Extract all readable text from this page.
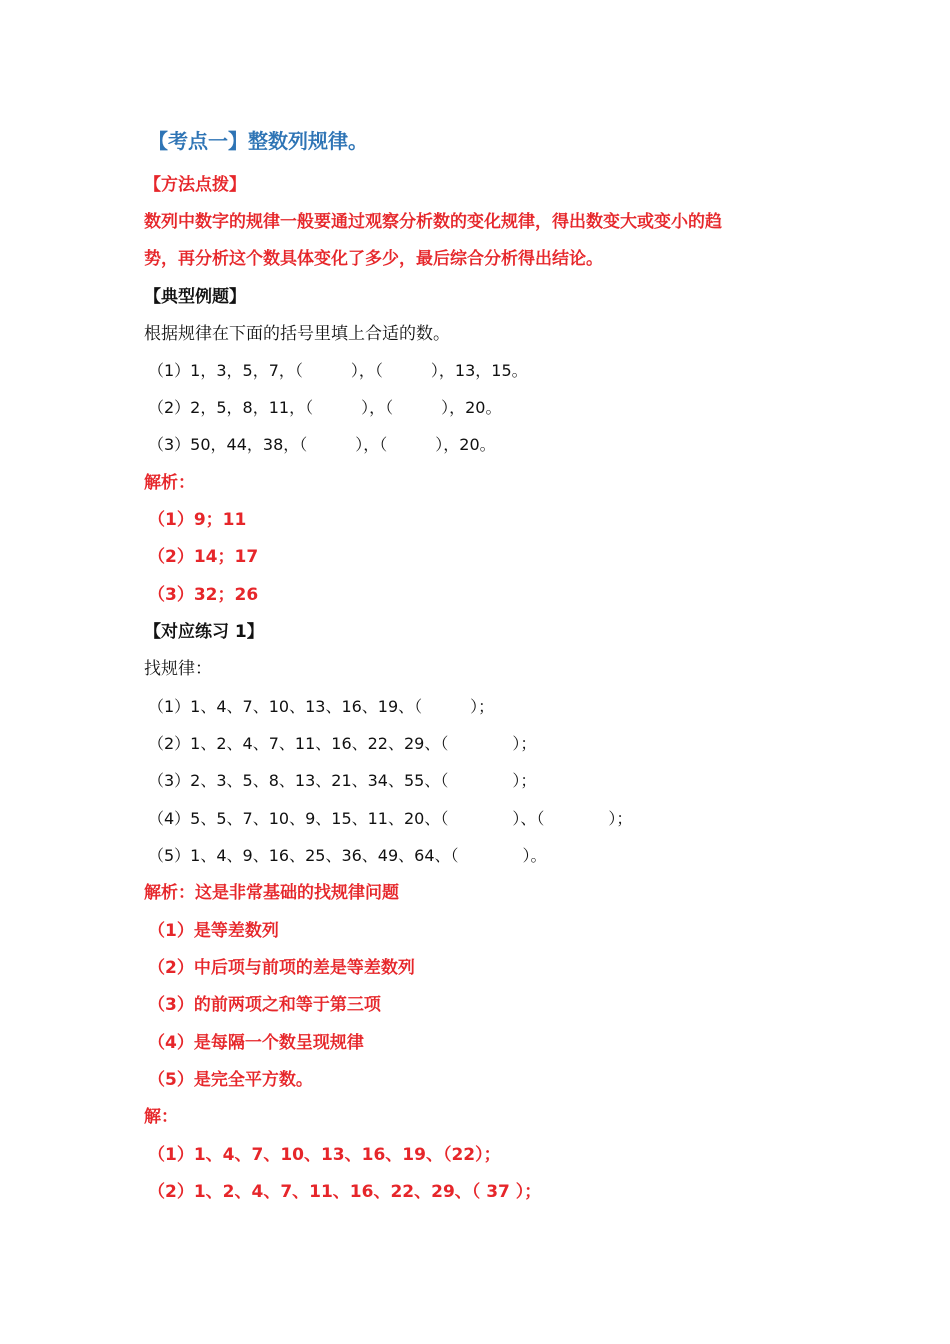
【考点一】整数列规律。
【方法点拨】
数列中数字的规律一般要通过观察分析数的变化规律，得出数变大或变小的趋
势，再分析这个数具体变化了多少，最后综合分析得出结论。
【典型例题】
根据规律在下面的括号里填上合适的数。
（1）1，3，5，7，（　　　），（　　　），13，15。
（2）2，5，8，11，（　　　），（　　　），20。
（3）50，44，38，（　　　），（　　　），20。
解析：
（1）9；11
（2）14；17
（3）32；26
【对应练习 1】
找规律：
（1）1、4、7、10、13、16、19、（　　　）；
（2）1、2、4、7、11、16、22、29、（　　　　）；
（3）2、3、5、8、13、21、34、55、（　　　　）；
（4）5、5、7、10、9、15、11、20、（　　　　）、（　　　　）；
（5）1、4、9、16、25、36、49、64、（　　　　）。
解析：这是非常基础的找规律问题
（1）是等差数列
（2）中后项与前项的差是等差数列
（3）的前两项之和等于第三项
（4）是每隔一个数呈现规律
（5）是完全平方数。
解：
（1）1、4、7、10、13、16、19、（22）；
（2）1、2、4、7、11、16、22、29、（ 37 ）；
